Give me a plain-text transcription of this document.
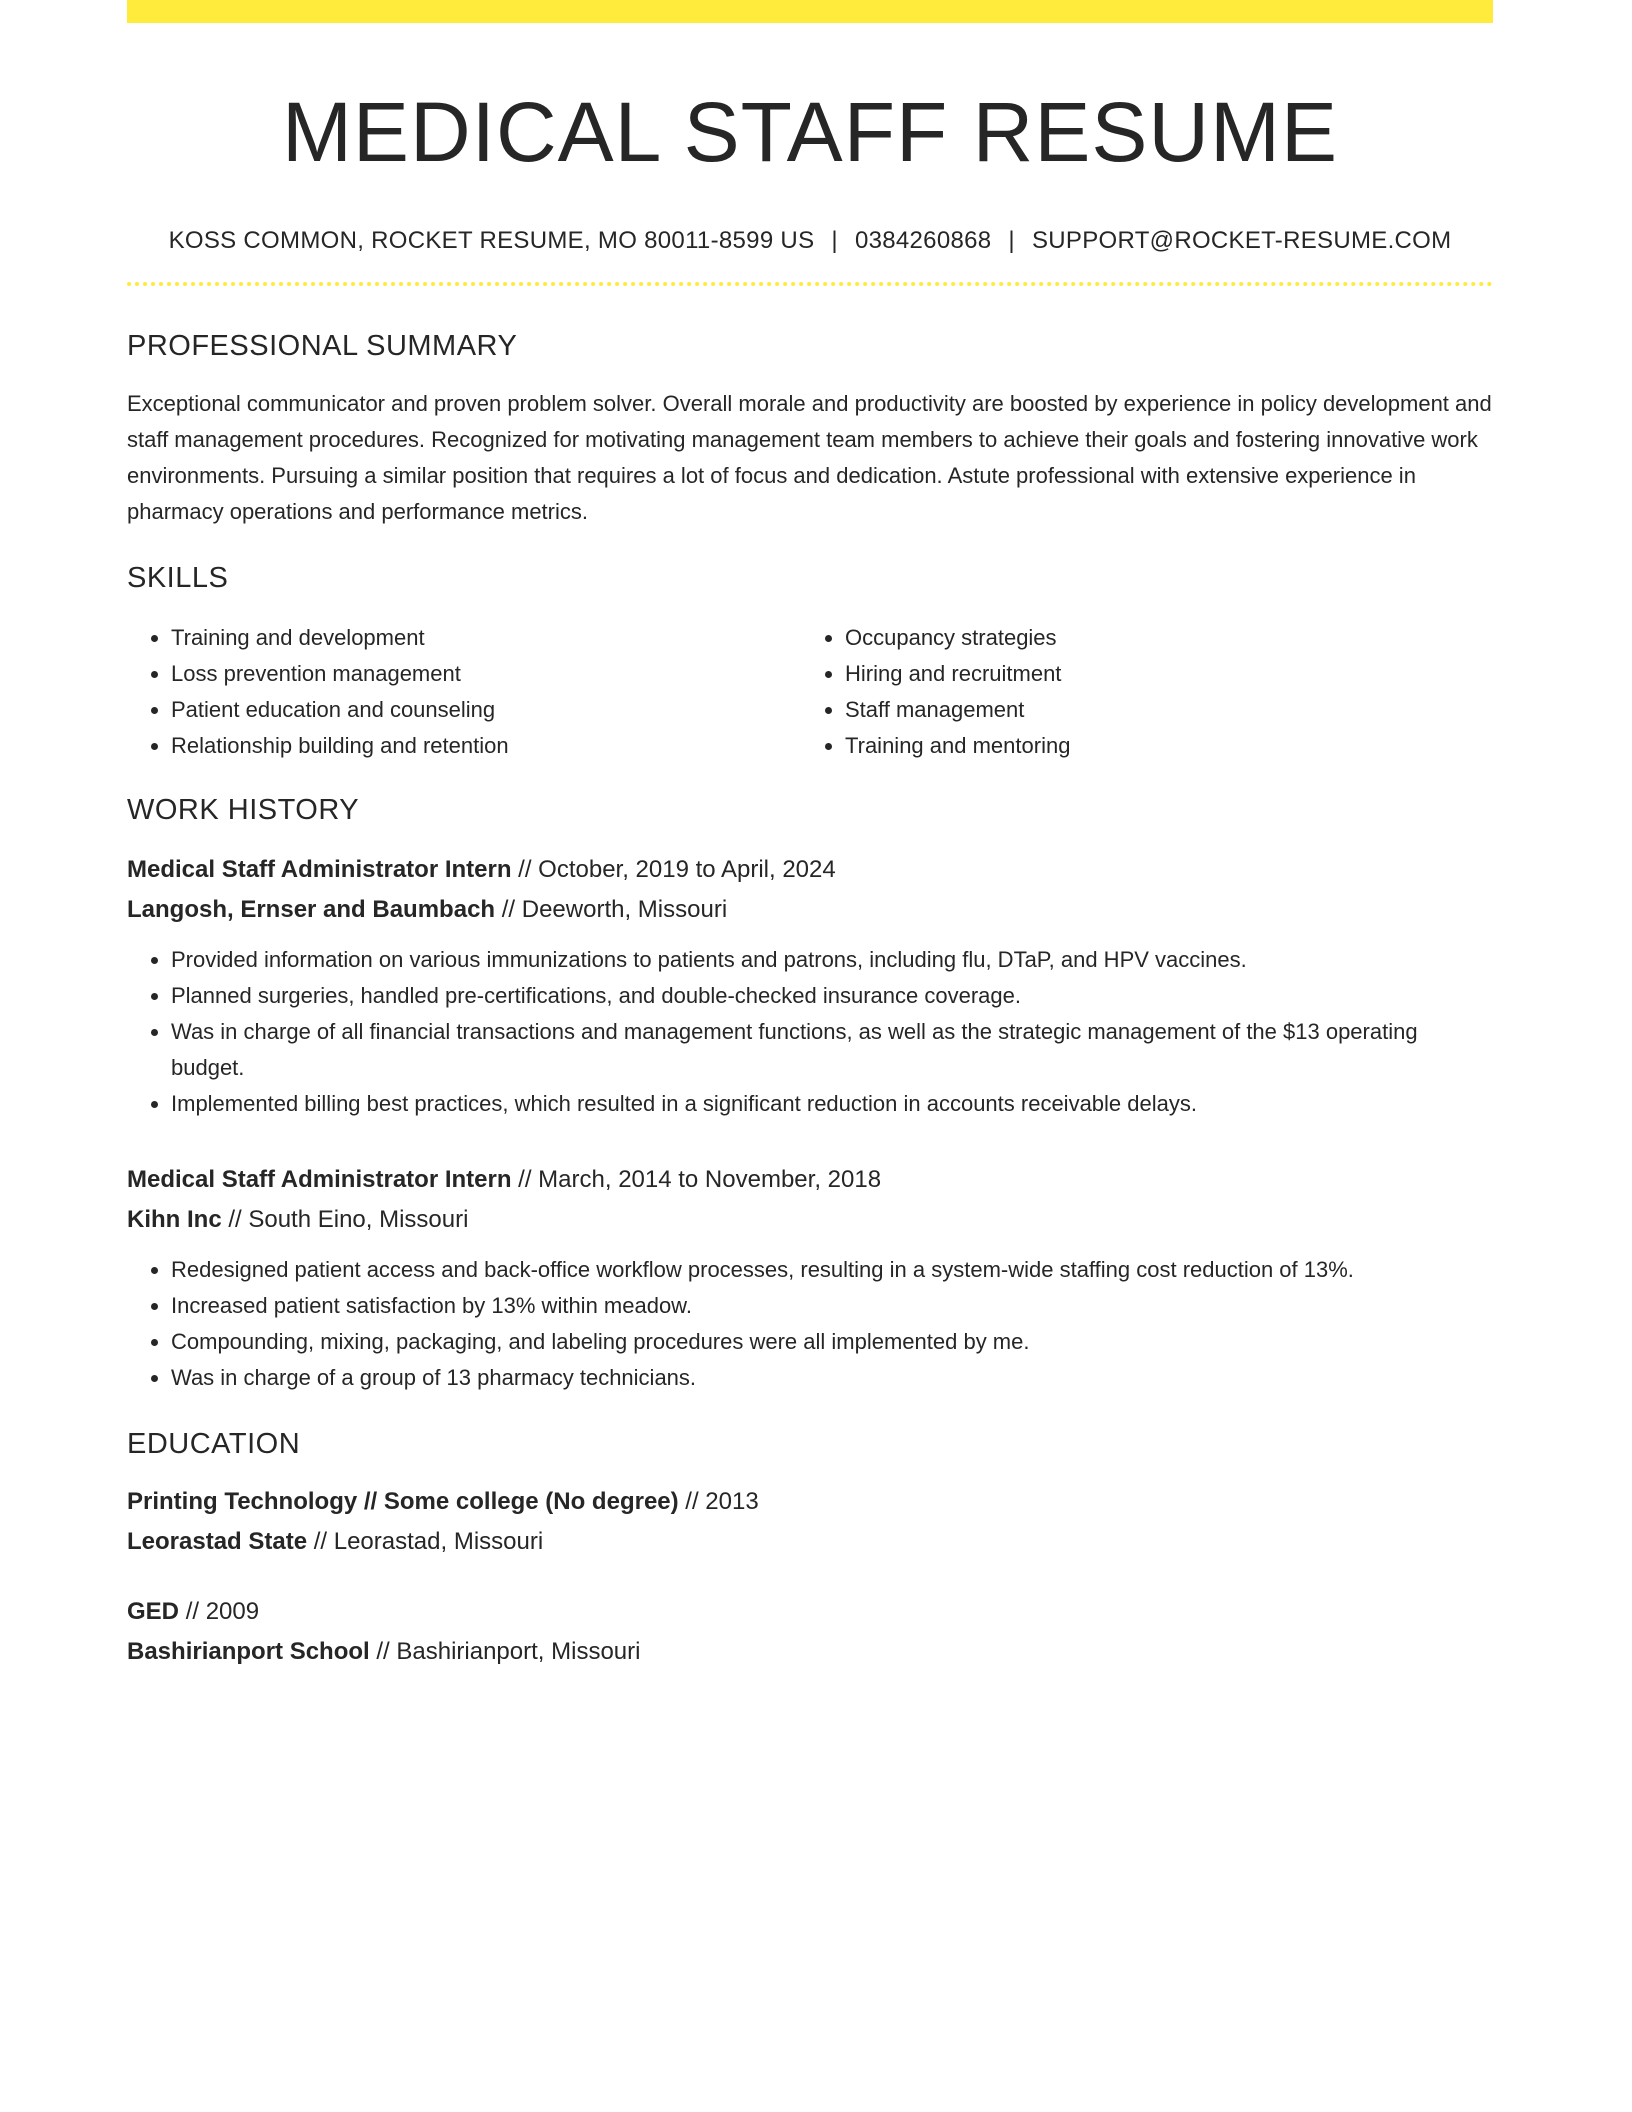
MEDICAL STAFF RESUME
KOSS COMMON, ROCKET RESUME, MO 80011-8599 US | 0384260868 | SUPPORT@ROCKET-RESUME.COM
PROFESSIONAL SUMMARY

Exceptional communicator and proven problem solver. Overall morale and productivity are boosted by experience in policy development and staff management procedures. Recognized for motivating management team members to achieve their goals and fostering innovative work environments. Pursuing a similar position that requires a lot of focus and dedication. Astute professional with extensive experience in pharmacy operations and performance metrics.

SKILLS
• Training and development
• Loss prevention management
• Patient education and counseling
• Relationship building and retention
• Occupancy strategies
• Hiring and recruitment
• Staff management
• Training and mentoring
WORK HISTORY
Medical Staff Administrator Intern // October, 2019 to April, 2024
Langosh, Ernser and Baumbach // Deeworth, Missouri
• Provided information on various immunizations to patients and patrons, including flu, DTaP, and HPV vaccines.
• Planned surgeries, handled pre-certifications, and double-checked insurance coverage.
• Was in charge of all financial transactions and management functions, as well as the strategic management of the $13 operating budget.
• Implemented billing best practices, which resulted in a significant reduction in accounts receivable delays.
Medical Staff Administrator Intern // March, 2014 to November, 2018
Kihn Inc // South Eino, Missouri
• Redesigned patient access and back-office workflow processes, resulting in a system-wide staffing cost reduction of 13%.
• Increased patient satisfaction by 13% within meadow.
• Compounding, mixing, packaging, and labeling procedures were all implemented by me.
• Was in charge of a group of 13 pharmacy technicians.
EDUCATION
Printing Technology // Some college (No degree) // 2013
Leorastad State // Leorastad, Missouri
GED // 2009
Bashirianport School // Bashirianport, Missouri
